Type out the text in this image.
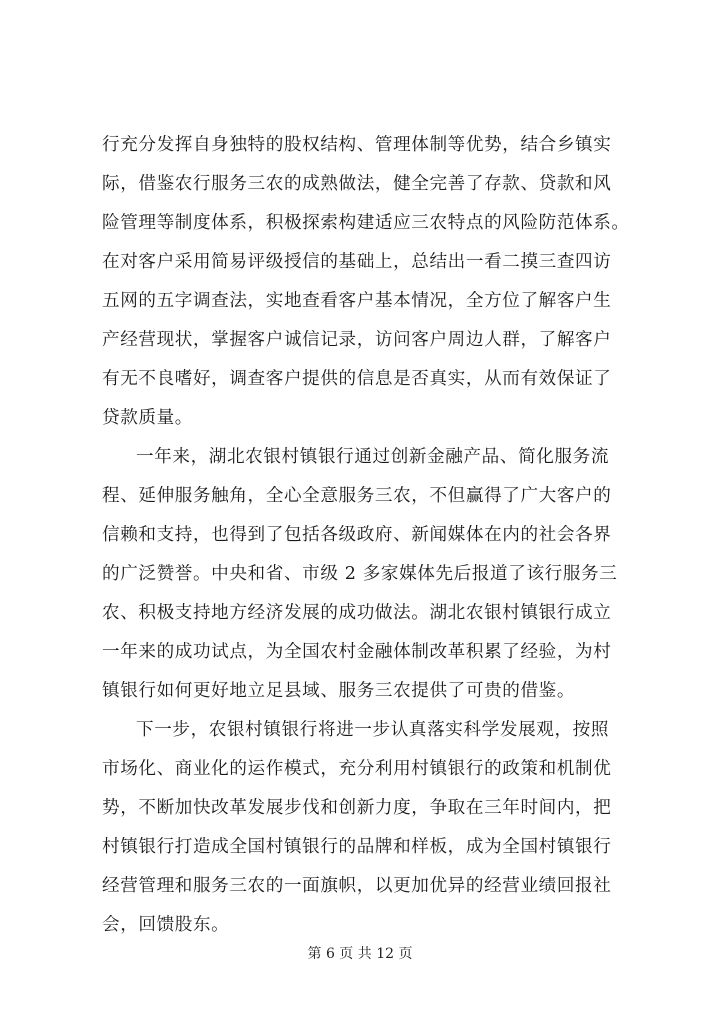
行充分发挥自身独特的股权结构、管理体制等优势，结合乡镇实
际，借鉴农行服务三农的成熟做法，健全完善了存款、贷款和风
险管理等制度体系，积极探索构建适应三农特点的风险防范体系。
在对客户采用简易评级授信的基础上，总结出一看二摸三查四访
五网的五字调查法，实地查看客户基本情况，全方位了解客户生
产经营现状，掌握客户诚信记录，访问客户周边人群，了解客户
有无不良嗜好，调查客户提供的信息是否真实，从而有效保证了
贷款质量。
一年来，湖北农银村镇银行通过创新金融产品、简化服务流
程、延伸服务触角，全心全意服务三农，不但赢得了广大客户的
信赖和支持，也得到了包括各级政府、新闻媒体在内的社会各界
的广泛赞誉。中央和省、市级 2 多家媒体先后报道了该行服务三
农、积极支持地方经济发展的成功做法。湖北农银村镇银行成立
一年来的成功试点，为全国农村金融体制改革积累了经验，为村
镇银行如何更好地立足县域、服务三农提供了可贵的借鉴。
下一步，农银村镇银行将进一步认真落实科学发展观，按照
市场化、商业化的运作模式，充分利用村镇银行的政策和机制优
势，不断加快改革发展步伐和创新力度，争取在三年时间内，把
村镇银行打造成全国村镇银行的品牌和样板，成为全国村镇银行
经营管理和服务三农的一面旗帜，以更加优异的经营业绩回报社
会，回馈股东。
第 6 页 共 12 页
